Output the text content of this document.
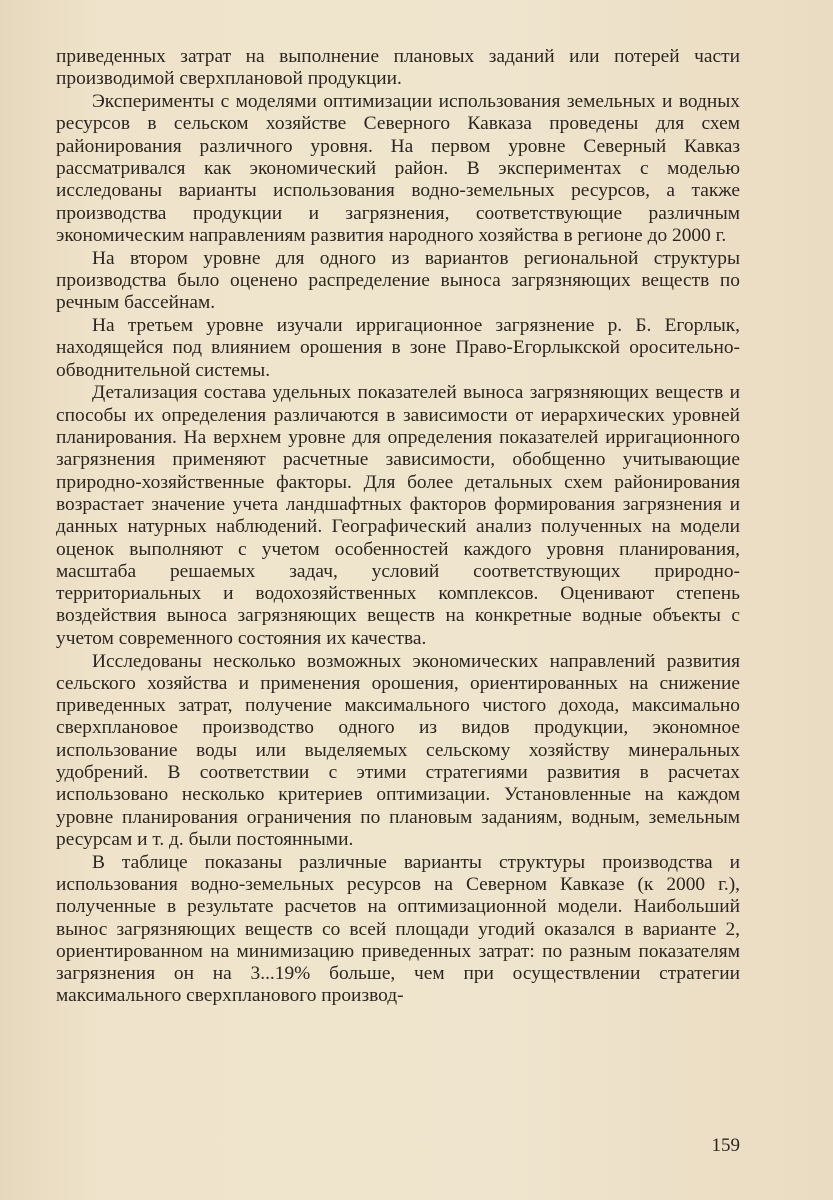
приведенных затрат на выполнение плановых заданий или потерей части производимой сверхплановой продукции.

Эксперименты с моделями оптимизации использования земельных и водных ресурсов в сельском хозяйстве Северного Кавказа проведены для схем районирования различного уровня. На первом уровне Северный Кавказ рассматривался как экономический район. В экспериментах с моделью исследованы варианты использования водно-земельных ресурсов, а также производства продукции и загрязнения, соответствующие различным экономическим направлениям развития народного хозяйства в регионе до 2000 г.

На втором уровне для одного из вариантов региональной структуры производства было оценено распределение выноса загрязняющих веществ по речным бассейнам.

На третьем уровне изучали ирригационное загрязнение р. Б. Егорлык, находящейся под влиянием орошения в зоне Право-Егорлыкской оросительно-обводнительной системы.

Детализация состава удельных показателей выноса загрязняющих веществ и способы их определения различаются в зависимости от иерархических уровней планирования. На верхнем уровне для определения показателей ирригационного загрязнения применяют расчетные зависимости, обобщенно учитывающие природно-хозяйственные факторы. Для более детальных схем районирования возрастает значение учета ландшафтных факторов формирования загрязнения и данных натурных наблюдений. Географический анализ полученных на модели оценок выполняют с учетом особенностей каждого уровня планирования, масштаба решаемых задач, условий соответствующих природно-территориальных и водохозяйственных комплексов. Оценивают степень воздействия выноса загрязняющих веществ на конкретные водные объекты с учетом современного состояния их качества.

Исследованы несколько возможных экономических направлений развития сельского хозяйства и применения орошения, ориентированных на снижение приведенных затрат, получение максимального чистого дохода, максимально сверхплановое производство одного из видов продукции, экономное использование воды или выделяемых сельскому хозяйству минеральных удобрений. В соответствии с этими стратегиями развития в расчетах использовано несколько критериев оптимизации. Установленные на каждом уровне планирования ограничения по плановым заданиям, водным, земельным ресурсам и т. д. были постоянными.

В таблице показаны различные варианты структуры производства и использования водно-земельных ресурсов на Северном Кавказе (к 2000 г.), полученные в результате расчетов на оптимизационной модели. Наибольший вынос загрязняющих веществ со всей площади угодий оказался в варианте 2, ориентированном на минимизацию приведенных затрат: по разным показателям загрязнения он на 3...19% больше, чем при осуществлении стратегии максимального сверхпланового производ-

159
